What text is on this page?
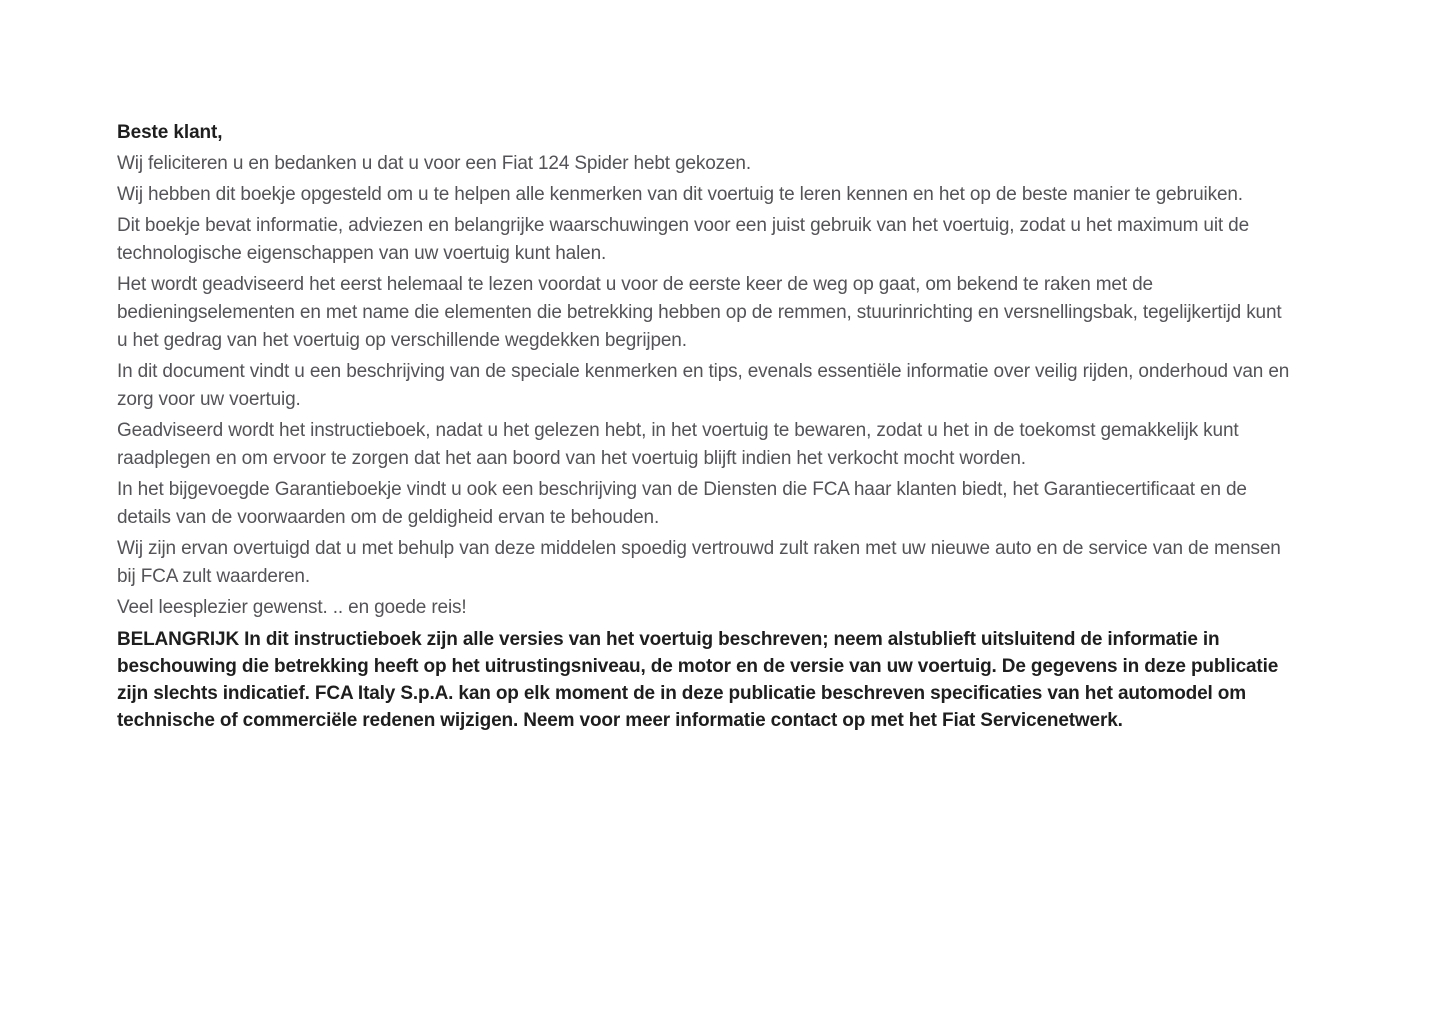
Beste klant,

Wij feliciteren u en bedanken u dat u voor een Fiat 124 Spider hebt gekozen.

Wij hebben dit boekje opgesteld om u te helpen alle kenmerken van dit voertuig te leren kennen en het op de beste manier te gebruiken.

Dit boekje bevat informatie, adviezen en belangrijke waarschuwingen voor een juist gebruik van het voertuig, zodat u het maximum uit de technologische eigenschappen van uw voertuig kunt halen.

Het wordt geadviseerd het eerst helemaal te lezen voordat u voor de eerste keer de weg op gaat, om bekend te raken met de bedieningselementen en met name die elementen die betrekking hebben op de remmen, stuurinrichting en versnellingsbak, tegelijkertijd kunt u het gedrag van het voertuig op verschillende wegdekken begrijpen.

In dit document vindt u een beschrijving van de speciale kenmerken en tips, evenals essentiële informatie over veilig rijden, onderhoud van en zorg voor uw voertuig.

Geadviseerd wordt het instructieboek, nadat u het gelezen hebt, in het voertuig te bewaren, zodat u het in de toekomst gemakkelijk kunt raadplegen en om ervoor te zorgen dat het aan boord van het voertuig blijft indien het verkocht mocht worden.

In het bijgevoegde Garantieboekje vindt u ook een beschrijving van de Diensten die FCA haar klanten biedt, het Garantiecertificaat en de details van de voorwaarden om de geldigheid ervan te behouden.

Wij zijn ervan overtuigd dat u met behulp van deze middelen spoedig vertrouwd zult raken met uw nieuwe auto en de service van de mensen bij FCA zult waarderen.

Veel leesplezier gewenst. .. en goede reis!

BELANGRIJK In dit instructieboek zijn alle versies van het voertuig beschreven; neem alstublieft uitsluitend de informatie in beschouwing die betrekking heeft op het uitrustingsniveau, de motor en de versie van uw voertuig. De gegevens in deze publicatie zijn slechts indicatief. FCA Italy S.p.A. kan op elk moment de in deze publicatie beschreven specificaties van het automodel om technische of commerciële redenen wijzigen. Neem voor meer informatie contact op met het Fiat Servicenetwerk.
